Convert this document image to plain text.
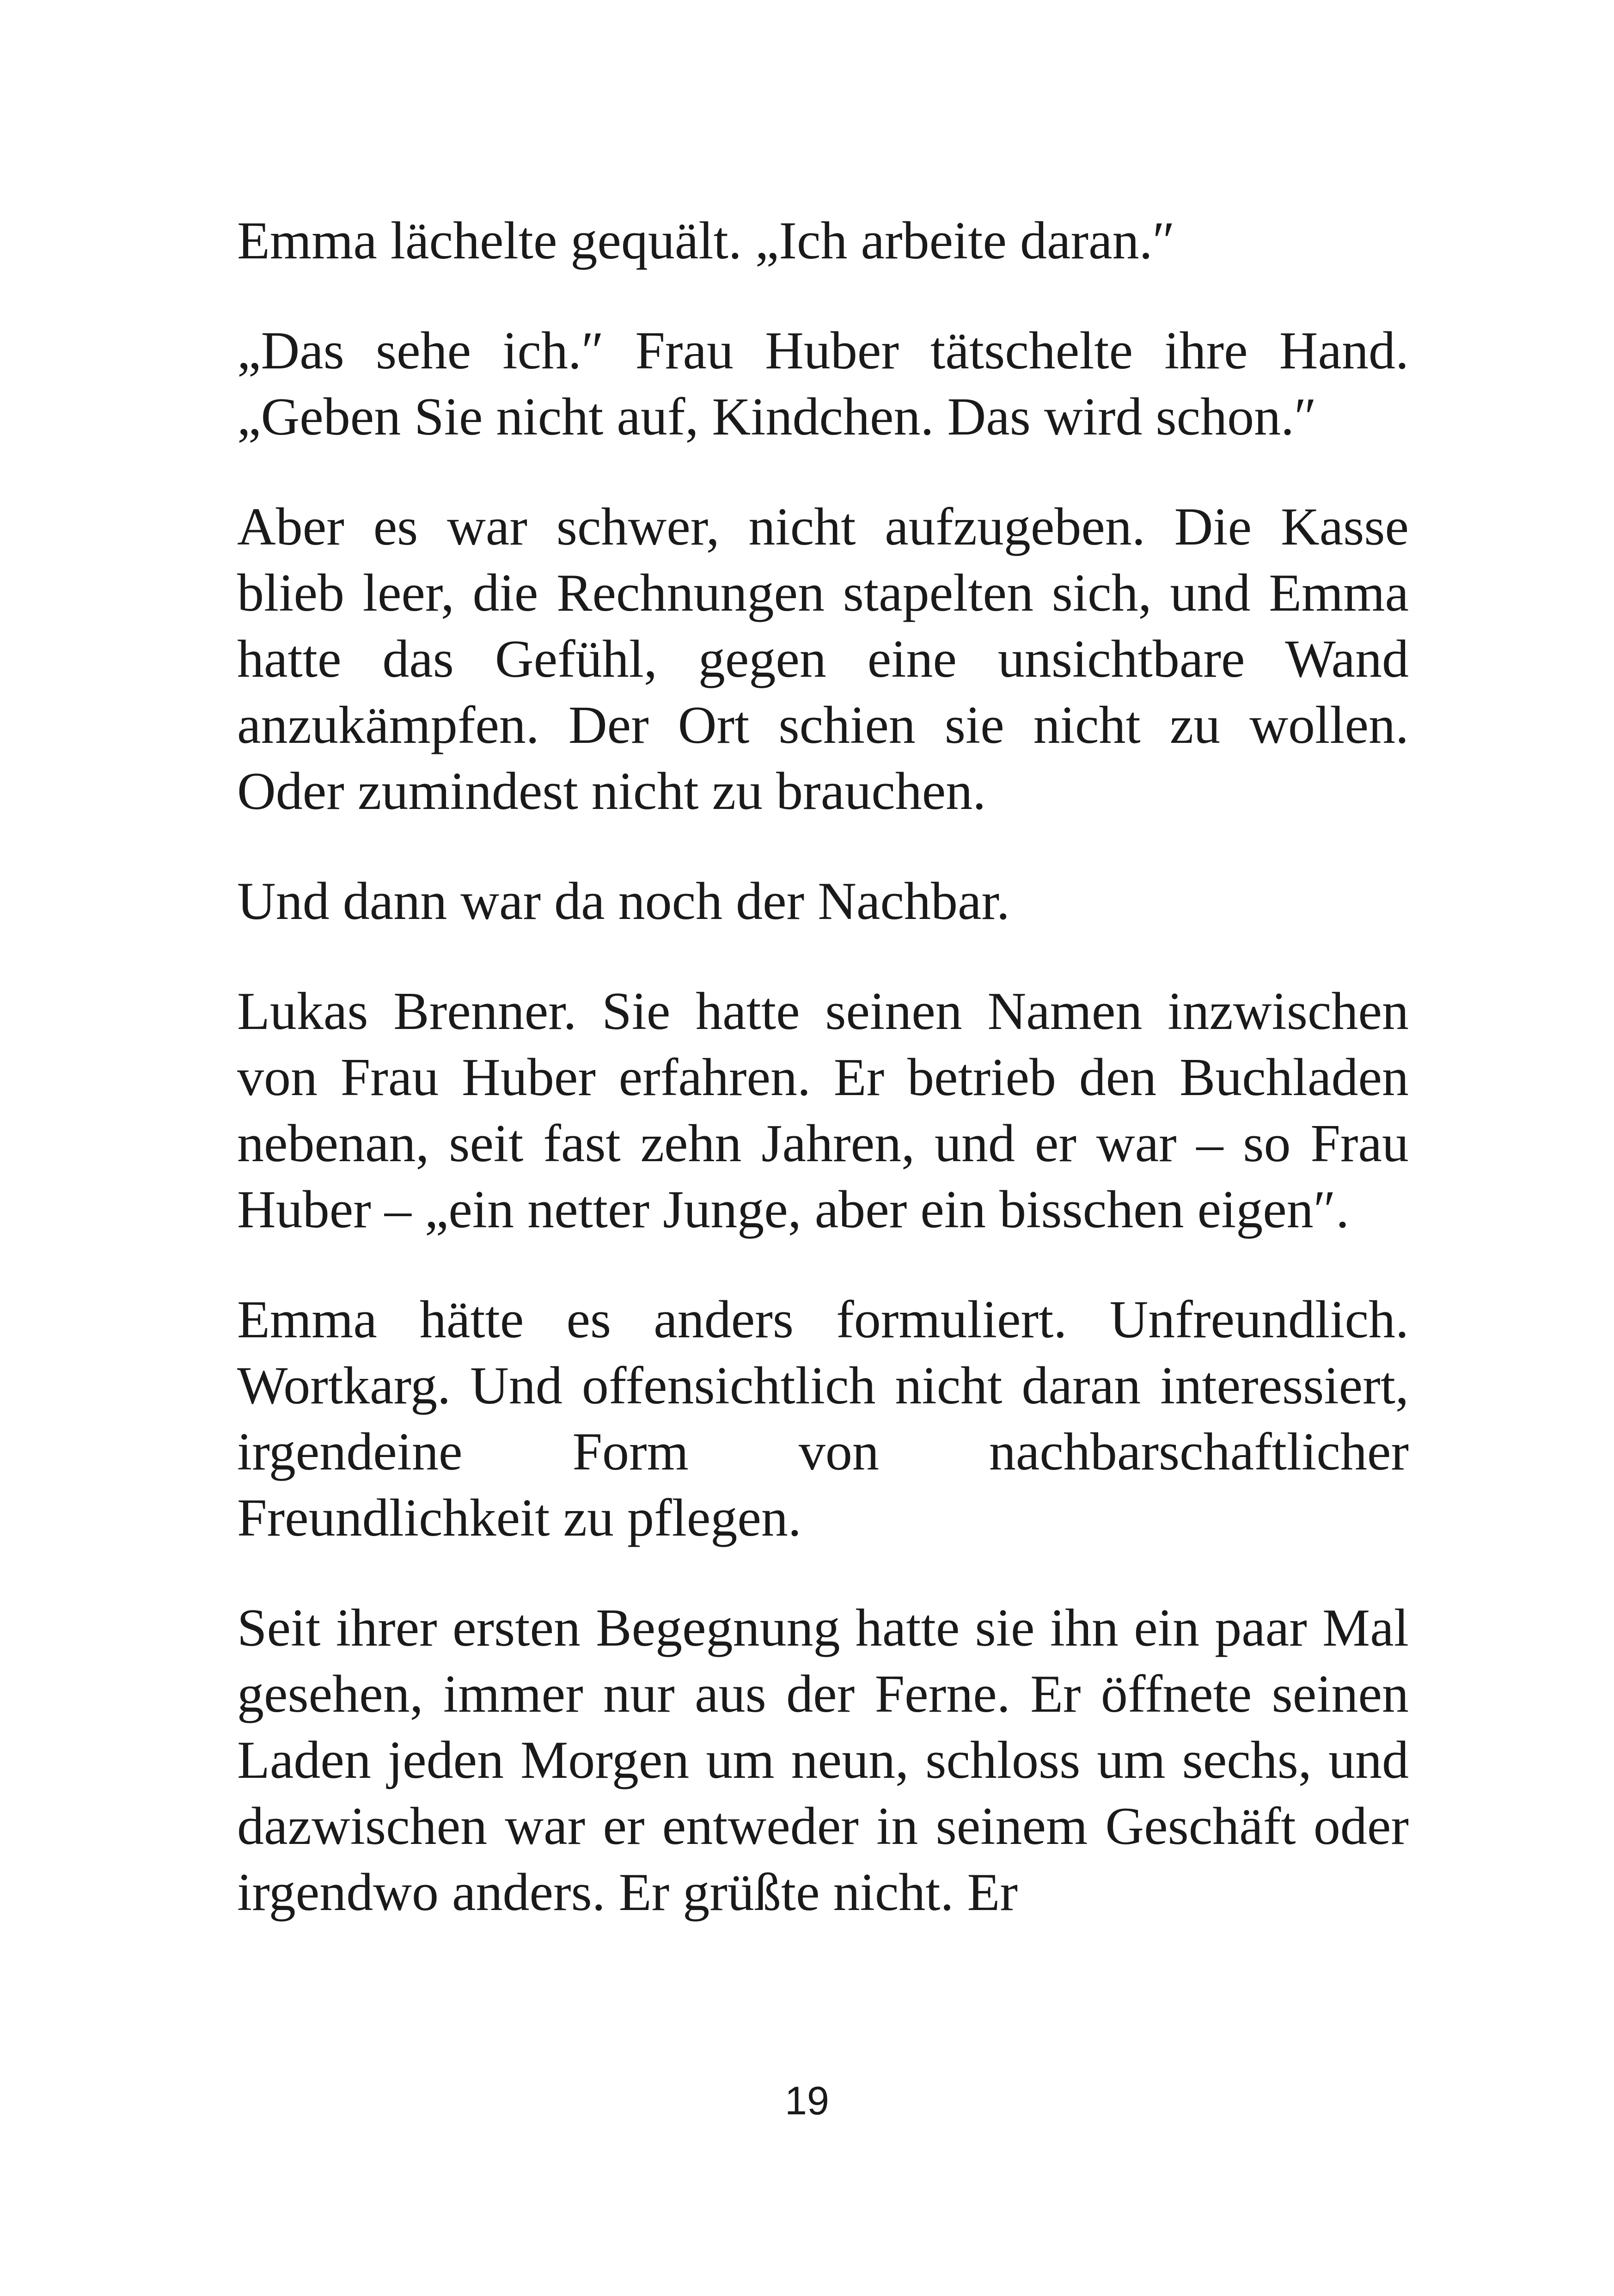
Emma lächelte gequält. „Ich arbeite daran.″

„Das sehe ich.″ Frau Huber tätschelte ihre Hand. „Geben Sie nicht auf, Kindchen. Das wird schon.″

Aber es war schwer, nicht aufzugeben. Die Kasse blieb leer, die Rechnungen stapelten sich, und Emma hatte das Gefühl, gegen eine unsichtbare Wand anzukämpfen. Der Ort schien sie nicht zu wollen. Oder zumindest nicht zu brauchen.

Und dann war da noch der Nachbar.

Lukas Brenner. Sie hatte seinen Namen inzwischen von Frau Huber erfahren. Er betrieb den Buchladen nebenan, seit fast zehn Jahren, und er war – so Frau Huber – „ein netter Junge, aber ein bisschen eigen″.

Emma hätte es anders formuliert. Unfreundlich. Wortkarg. Und offensichtlich nicht daran interessiert, irgendeine Form von nachbarschaftlicher Freundlichkeit zu pflegen.

Seit ihrer ersten Begegnung hatte sie ihn ein paar Mal gesehen, immer nur aus der Ferne. Er öffnete seinen Laden jeden Morgen um neun, schloss um sechs, und dazwischen war er entweder in seinem Geschäft oder irgendwo anders. Er grüßte nicht. Er

19
